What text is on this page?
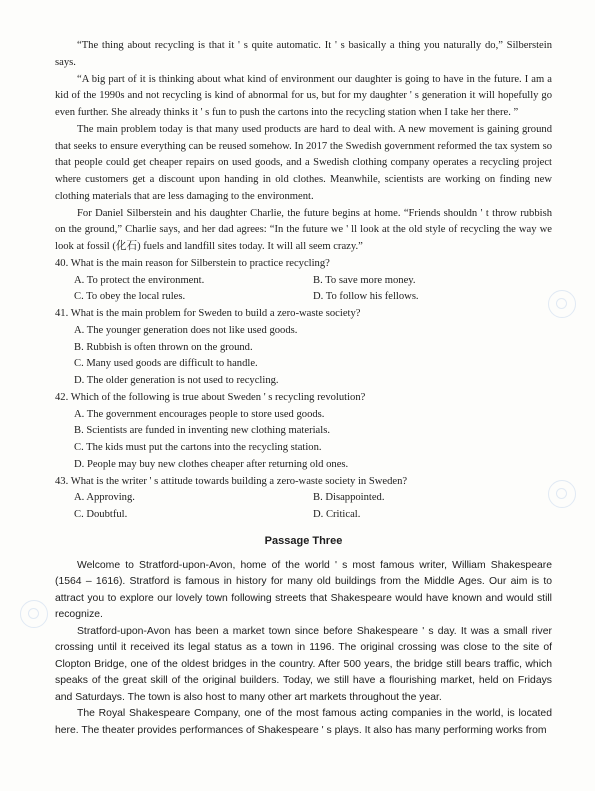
“The thing about recycling is that it ' s quite automatic. It ' s basically a thing you naturally do,” Silberstein says.

“A big part of it is thinking about what kind of environment our daughter is going to have in the future. I am a kid of the 1990s and not recycling is kind of abnormal for us, but for my daughter ' s generation it will hopefully go even further. She already thinks it ' s fun to push the cartons into the recycling station when I take her there. ”

The main problem today is that many used products are hard to deal with. A new movement is gaining ground that seeks to ensure everything can be reused somehow. In 2017 the Swedish government reformed the tax system so that people could get cheaper repairs on used goods, and a Swedish clothing company operates a recycling project where customers get a discount upon handing in old clothes. Meanwhile, scientists are working on finding new clothing materials that are less damaging to the environment.

For Daniel Silberstein and his daughter Charlie, the future begins at home. “Friends shouldn ' t throw rubbish on the ground,” Charlie says, and her dad agrees: “In the future we ' ll look at the old style of recycling the way we look at fossil (化石) fuels and landfill sites today. It will all seem crazy.”

40. What is the main reason for Silberstein to practice recycling?

A. To protect the environment.	B. To save more money.
C. To obey the local rules.	D. To follow his fellows.

41. What is the main problem for Sweden to build a zero-waste society?

A. The younger generation does not like used goods.
B. Rubbish is often thrown on the ground.
C. Many used goods are difficult to handle.
D. The older generation is not used to recycling.

42. Which of the following is true about Sweden ' s recycling revolution?

A. The government encourages people to store used goods.
B. Scientists are funded in inventing new clothing materials.
C. The kids must put the cartons into the recycling station.
D. People may buy new clothes cheaper after returning old ones.

43. What is the writer ' s attitude towards building a zero-waste society in Sweden?

A. Approving.	B. Disappointed.
C. Doubtful.	D. Critical.
Passage Three

Welcome to Stratford-upon-Avon, home of the world ' s most famous writer, William Shakespeare (1564 – 1616). Stratford is famous in history for many old buildings from the Middle Ages. Our aim is to attract you to explore our lovely town following streets that Shakespeare would have known and would still recognize.

Stratford-upon-Avon has been a market town since before Shakespeare ' s day. It was a small river crossing until it received its legal status as a town in 1196. The original crossing was close to the site of Clopton Bridge, one of the oldest bridges in the country. After 500 years, the bridge still bears traffic, which speaks of the great skill of the original builders. Today, we still have a flourishing market, held on Fridays and Saturdays. The town is also host to many other art markets throughout the year.

The Royal Shakespeare Company, one of the most famous acting companies in the world, is located here. The theater provides performances of Shakespeare ' s plays. It also has many performing works from
